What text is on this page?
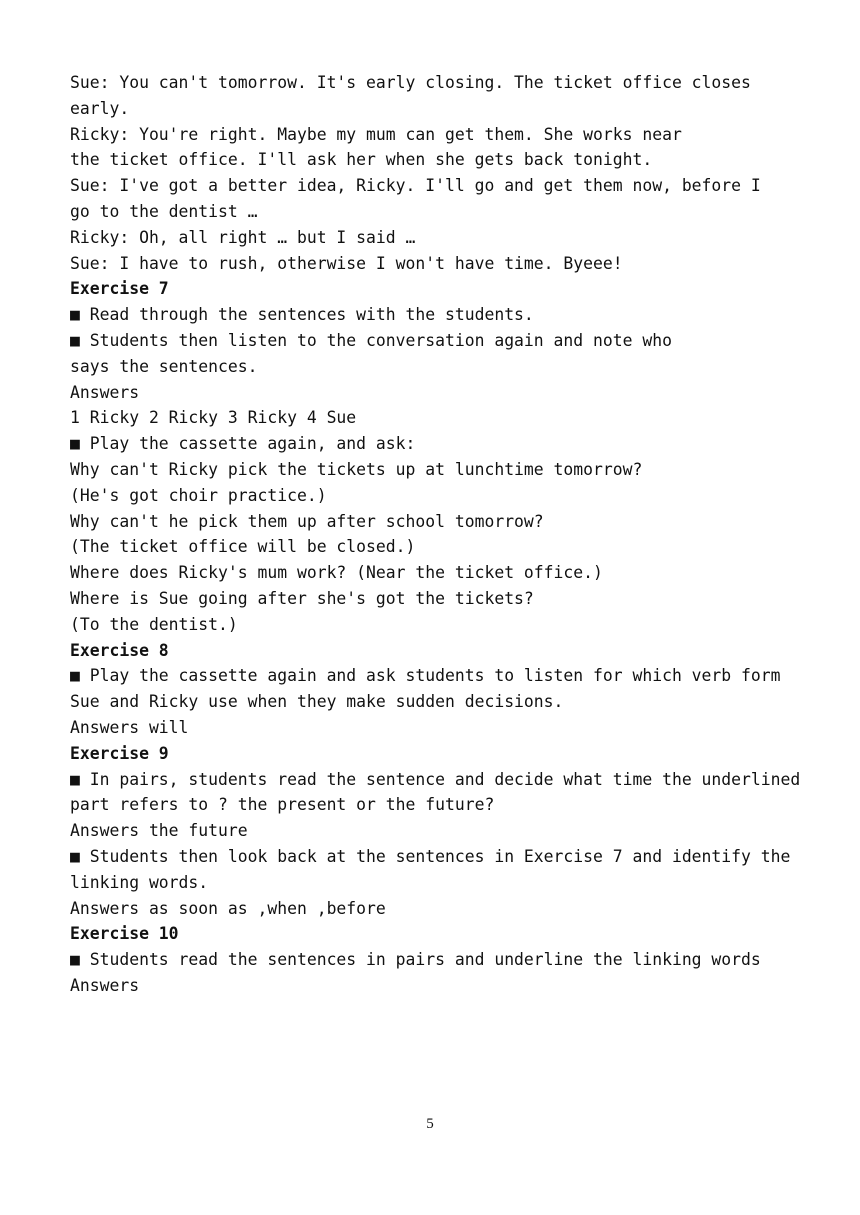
Sue: You can't tomorrow. It's early closing. The ticket office closes
early.
Ricky: You're right. Maybe my mum can get them. She works near
the ticket office. I'll ask her when she gets back tonight.
Sue: I've got a better idea, Ricky. I'll go and get them now, before I
go to the dentist …
Ricky: Oh, all right … but I said …
Sue: I have to rush, otherwise I won't have time. Byeee!
Exercise 7
■ Read through the sentences with the students.
■ Students then listen to the conversation again and note who
says the sentences.
Answers
1 Ricky 2 Ricky 3 Ricky 4 Sue
■ Play the cassette again, and ask:
Why can't Ricky pick the tickets up at lunchtime tomorrow?
(He's got choir practice.)
Why can't he pick them up after school tomorrow?
(The ticket office will be closed.)
Where does Ricky's mum work? (Near the ticket office.)
Where is Sue going after she's got the tickets?
(To the dentist.)
Exercise 8
■ Play the cassette again and ask students to listen for which verb form
Sue and Ricky use when they make sudden decisions.
Answers will
Exercise 9
■ In pairs, students read the sentence and decide what time the underlined
part refers to ? the present or the future?
Answers the future
■ Students then look back at the sentences in Exercise 7 and identify the
linking words.
Answers as soon as ,when ,before
Exercise 10
■ Students read the sentences in pairs and underline the linking words
Answers
5
